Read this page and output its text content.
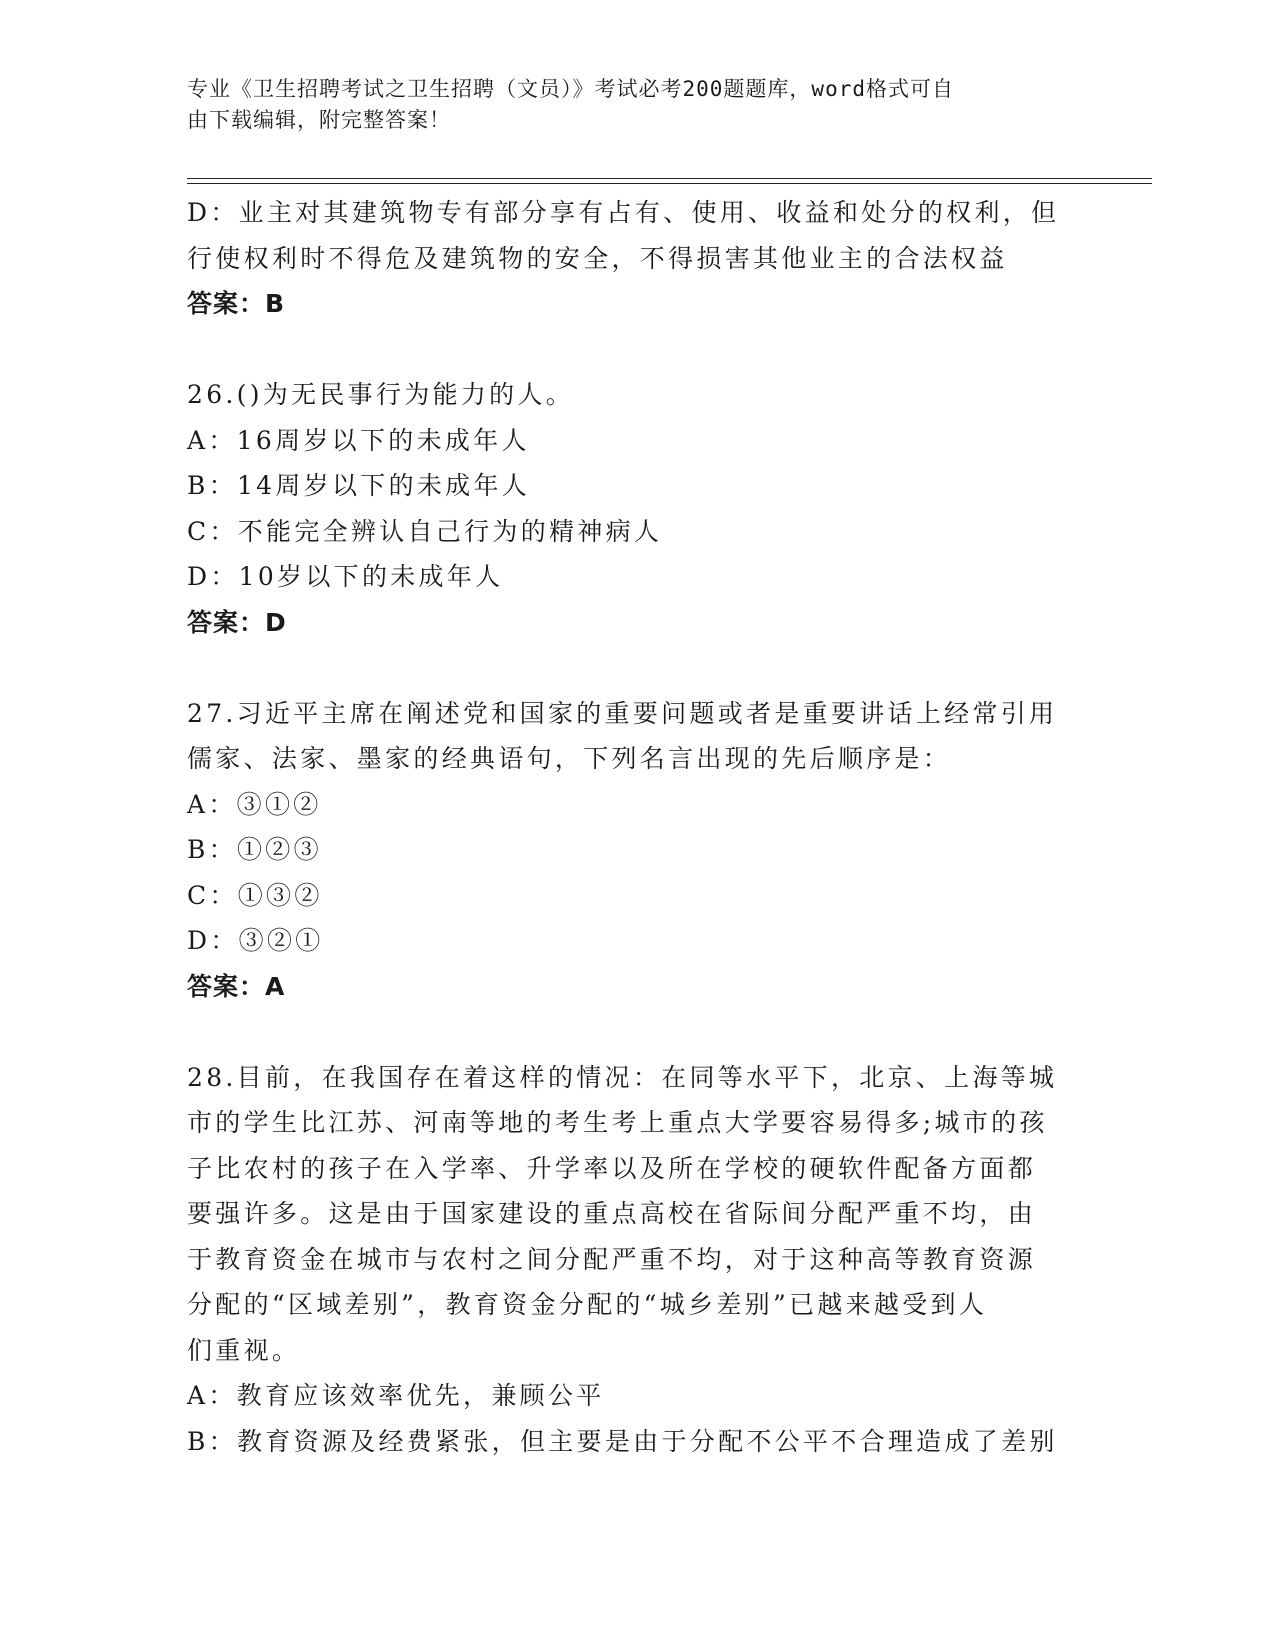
专业《卫生招聘考试之卫生招聘（文员）》考试必考200题题库，word格式可自
由下载编辑，附完整答案！

D：业主对其建筑物专有部分享有占有、使用、收益和处分的权利，但

行使权利时不得危及建筑物的安全，不得损害其他业主的合法权益

答案：B

26.()为无民事行为能力的人。

A：16周岁以下的未成年人

B：14周岁以下的未成年人

C：不能完全辨认自己行为的精神病人

D：10岁以下的未成年人

答案：D

27.习近平主席在阐述党和国家的重要问题或者是重要讲话上经常引用

儒家、法家、墨家的经典语句，下列名言出现的先后顺序是：

A：③①②

B：①②③

C：①③②

D：③②①

答案：A

28.目前，在我国存在着这样的情况：在同等水平下，北京、上海等城

市的学生比江苏、河南等地的考生考上重点大学要容易得多;城市的孩

子比农村的孩子在入学率、升学率以及所在学校的硬软件配备方面都

要强许多。这是由于国家建设的重点高校在省际间分配严重不均，由

于教育资金在城市与农村之间分配严重不均，对于这种高等教育资源

分配的“区域差别”，教育资金分配的“城乡差别”已越来越受到人

们重视。

A：教育应该效率优先，兼顾公平

B：教育资源及经费紧张，但主要是由于分配不公平不合理造成了差别
